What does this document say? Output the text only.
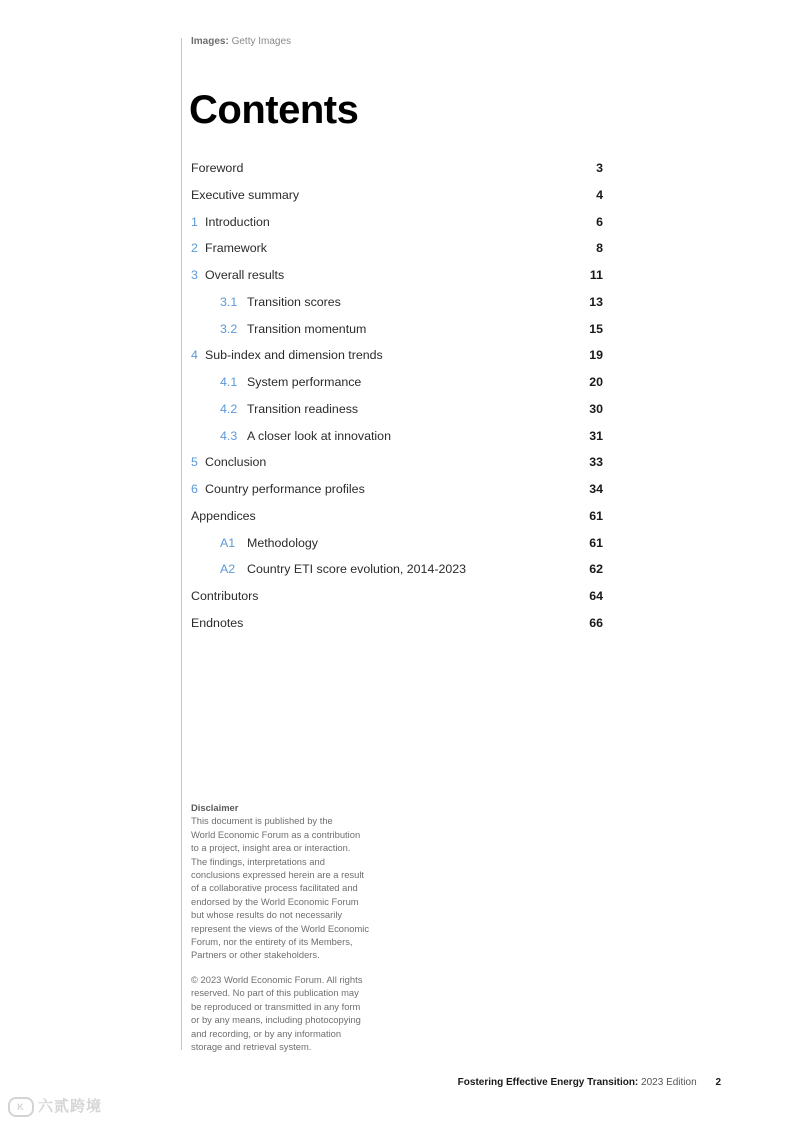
Images: Getty Images
Contents
Foreword	3
Executive summary	4
1 Introduction	6
2 Framework	8
3 Overall results	11
3.1 Transition scores	13
3.2 Transition momentum	15
4 Sub-index and dimension trends	19
4.1 System performance	20
4.2 Transition readiness	30
4.3 A closer look at innovation	31
5 Conclusion	33
6 Country performance profiles	34
Appendices	61
A1 Methodology	61
A2 Country ETI score evolution, 2014-2023	62
Contributors	64
Endnotes	66
Disclaimer

This document is published by the
World Economic Forum as a contribution
to a project, insight area or interaction.
The findings, interpretations and
conclusions expressed herein are a result
of a collaborative process facilitated and
endorsed by the World Economic Forum
but whose results do not necessarily
represent the views of the World Economic
Forum, nor the entirety of its Members,
Partners or other stakeholders.

© 2023 World Economic Forum. All rights
reserved. No part of this publication may
be reproduced or transmitted in any form
or by any means, including photocopying
and recording, or by any information
storage and retrieval system.

Fostering Effective Energy Transition: 2023 Edition 2
K 六贰跨境
